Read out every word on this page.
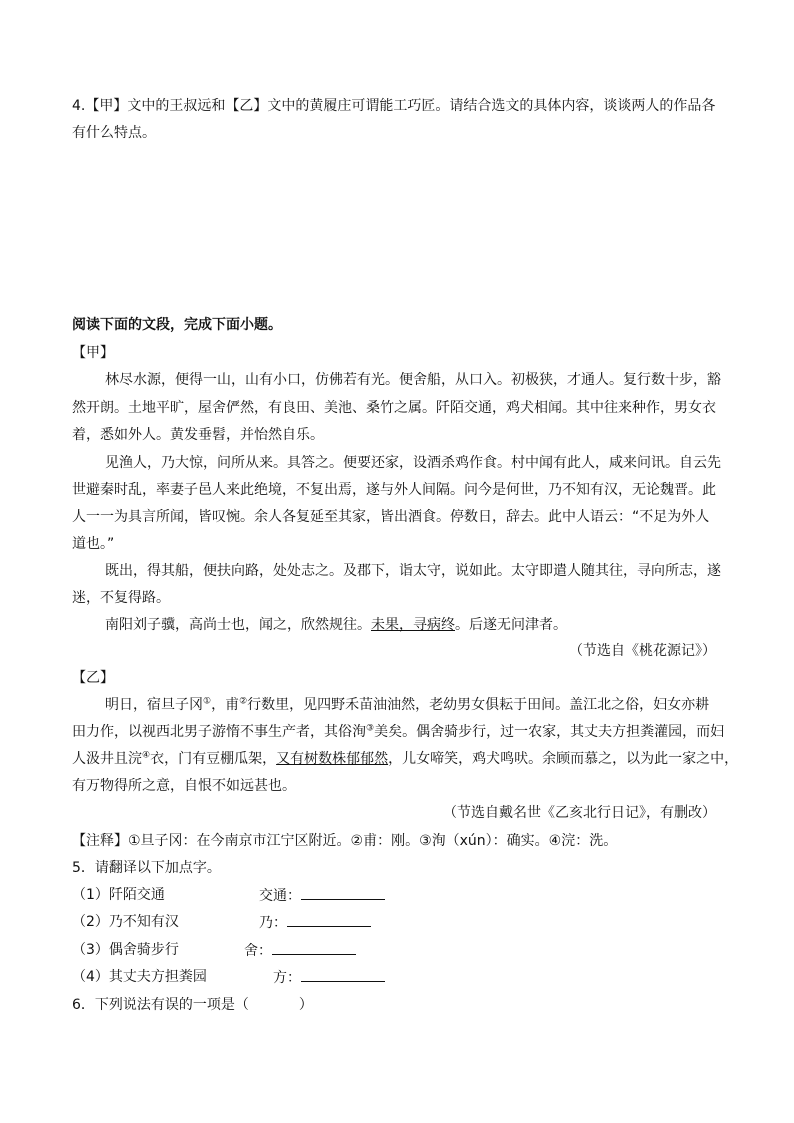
4.【甲】文中的王叔远和【乙】文中的黄履庄可谓能工巧匠。请结合选文的具体内容，谈谈两人的作品各
有什么特点。
阅读下面的文段，完成下面小题。
【甲】
林尽水源，便得一山，山有小口，仿佛若有光。便舍船，从口入。初极狭，才通人。复行数十步，豁
然开朗。土地平旷，屋舍俨然，有良田、美池、桑竹之属。阡陌交通，鸡犬相闻。其中往来种作，男女衣
着，悉如外人。黄发垂髫，并怡然自乐。
见渔人，乃大惊，问所从来。具答之。便要还家，设酒杀鸡作食。村中闻有此人，咸来问讯。自云先
世避秦时乱，率妻子邑人来此绝境，不复出焉，遂与外人间隔。问今是何世，乃不知有汉，无论魏晋。此
人一一为具言所闻，皆叹惋。余人各复延至其家，皆出酒食。停数日，辞去。此中人语云：“不足为外人
道也。”
既出，得其船，便扶向路，处处志之。及郡下，诣太守，说如此。太守即遣人随其往，寻向所志，遂
迷，不复得路。
南阳刘子骥，高尚士也，闻之，欣然规往。未果，寻病终。后遂无问津者。
（节选自《桃花源记》）
【乙】
明日，宿旦子冈①，甫②行数里，见四野禾苗油油然，老幼男女俱耘于田间。盖江北之俗，妇女亦耕
田力作，以视西北男子游惰不事生产者，其俗洵③美矣。偶舍骑步行，过一农家，其丈夫方担粪灌园，而妇
人汲井且浣④衣，门有豆棚瓜架，又有树数株郁郁然，儿女啼笑，鸡犬鸣吠。余顾而慕之，以为此一家之中，
有万物得所之意，自恨不如远甚也。
（节选自戴名世《乙亥北行日记》，有删改）
【注释】①旦子冈：在今南京市江宁区附近。②甫：刚。③洵（xún）：确实。④浣：洗。
5．请翻译以下加点字。
（1）阡陌交通	交通：
（2）乃不知有汉	乃：
（3）偶舍骑步行	舍：
（4）其丈夫方担粪园	方：
6．下列说法有误的一项是（	）
